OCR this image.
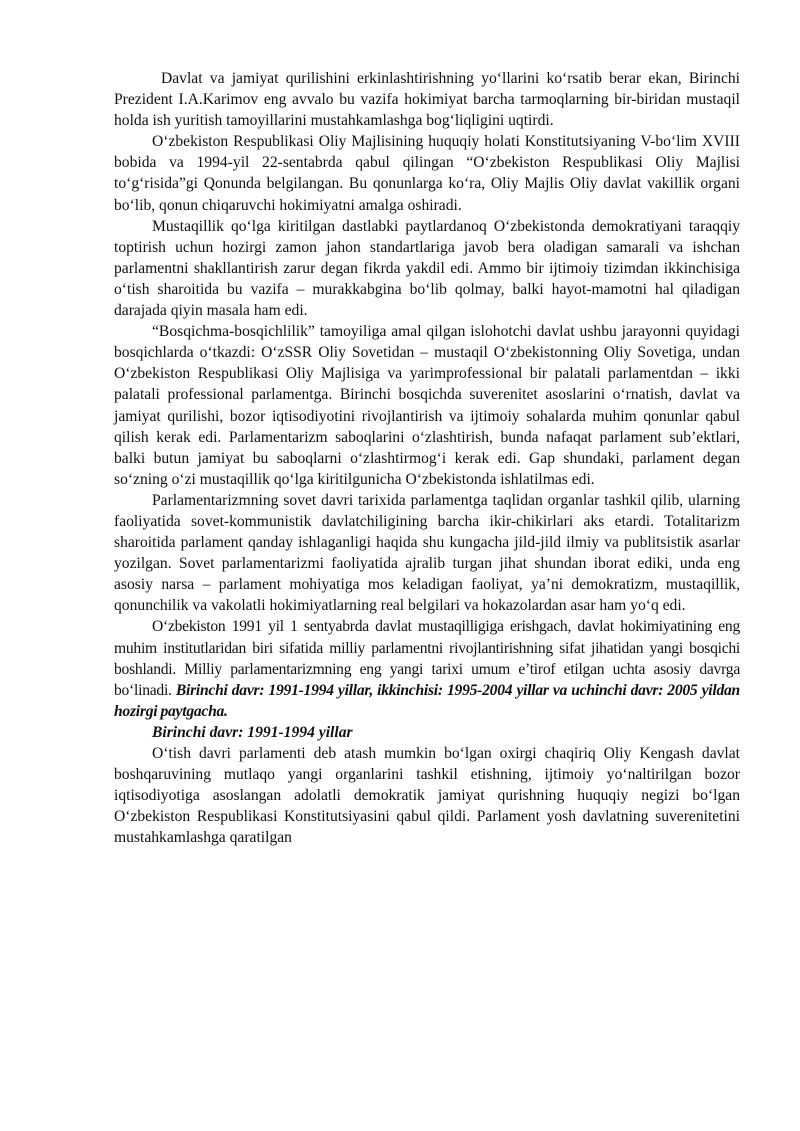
Davlat va jamiyat qurilishini erkinlashtirishning yo‘llarini ko‘rsatib berar ekan, Birinchi Prezident I.A.Karimov eng avvalo bu vazifa hokimiyat barcha tarmoqlarning bir-biridan mustaqil holda ish yuritish tamoyillarini mustahkamlashga bog‘liqligini uqtirdi.

O‘zbekiston Respublikasi Oliy Majlisining huquqiy holati Konstitutsiyaning V-bo‘lim XVIII bobida va 1994-yil 22-sentabrda qabul qilingan “O‘zbekiston Respublikasi Oliy Majlisi to‘g‘risida”gi Qonunda belgilangan. Bu qonunlarga ko‘ra, Oliy Majlis Oliy davlat vakillik organi bo‘lib, qonun chiqaruvchi hokimiyatni amalga oshiradi.

Mustaqillik qo‘lga kiritilgan dastlabki paytlardanoq O‘zbekistonda demokratiyani taraqqiy toptirish uchun hozirgi zamon jahon standartlariga javob bera oladigan samarali va ishchan parlamentni shakllantirish zarur degan fikrda yakdil edi. Ammo bir ijtimoiy tizimdan ikkinchisiga o‘tish sharoitida bu vazifa – murakkabgina bo‘lib qolmay, balki hayot-mamotni hal qiladigan darajada qiyin masala ham edi.

“Bosqichma-bosqichlilik” tamoyiliga amal qilgan islohotchi davlat ushbu jarayonni quyidagi bosqichlarda o‘tkazdi: O‘zSSR Oliy Sovetidan – mustaqil O‘zbekistonning Oliy Sovetiga, undan O‘zbekiston Respublikasi Oliy Majlisiga va yarimprofessional bir palatali parlamentdan – ikki palatali professional parlamentga. Birinchi bosqichda suverenitet asoslarini o‘rnatish, davlat va jamiyat qurilishi, bozor iqtisodiyotini rivojlantirish va ijtimoiy sohalarda muhim qonunlar qabul qilish kerak edi. Parlamentarizm saboqlarini o‘zlashtirish, bunda nafaqat parlament sub’ektlari, balki butun jamiyat bu saboqlarni o‘zlashtirmog‘i kerak edi. Gap shundaki, parlament degan so‘zning o‘zi mustaqillik qo‘lga kiritilgunicha O‘zbekistonda ishlatilmas edi.

Parlamentarizmning sovet davri tarixida parlamentga taqlidan organlar tashkil qilib, ularning faoliyatida sovet-kommunistik davlatchiligining barcha ikir-chikirlari aks etardi. Totalitarizm sharoitida parlament qanday ishlaganligi haqida shu kungacha jild-jild ilmiy va publitsistik asarlar yozilgan. Sovet parlamentarizmi faoliyatida ajralib turgan jihat shundan iborat ediki, unda eng asosiy narsa – parlament mohiyatiga mos keladigan faoliyat, ya’ni demokratizm, mustaqillik, qonunchilik va vakolatli hokimiyatlarning real belgilari va hokazolardan asar ham yo‘q edi.

O‘zbekiston 1991 yil 1 sentyabrda davlat mustaqilligiga erishgach, davlat hokimiyatining eng muhim institutlaridan biri sifatida milliy parlamentni rivojlantirishning sifat jihatidan yangi bosqichi boshlandi. Milliy parlamentarizmning eng yangi tarixi umum e’tirof etilgan uchta asosiy davrga bo‘linadi. Birinchi davr: 1991-1994 yillar, ikkinchisi: 1995-2004 yillar va uchinchi davr: 2005 yildan hozirgi paytgacha.

Birinchi davr: 1991-1994 yillar

O‘tish davri parlamenti deb atash mumkin bo‘lgan oxirgi chaqiriq Oliy Kengash davlat boshqaruvining mutlaqo yangi organlarini tashkil etishning, ijtimoiy yo‘naltirilgan bozor iqtisodiyotiga asoslangan adolatli demokratik jamiyat qurishning huquqiy negizi bo‘lgan O‘zbekiston Respublikasi Konstitutsiyasini qabul qildi. Parlament yosh davlatning suverenitetini mustahkamlashga qaratilgan
